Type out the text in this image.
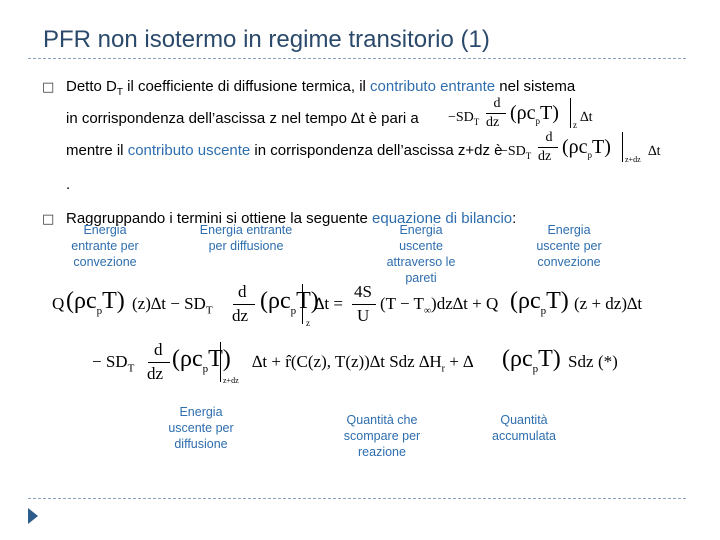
PFR non isotermo in regime transitorio (1)
□ Detto $D_T$ il coefficiente di diffusione termica, il contributo entrante nel sistema
in corrispondenza dell’ascissa z nel tempo ∆t è pari $a -SD_T$
d
dz $(\rho c_pT)$
z ∆t
mentre il contributo uscente in corrispondenza dell’ascissa z+dz è
$-SD_T$
d
dz $(\rho c_pT)$
z+dz
∆t
.
□ Raggruppando i termini si ottiene la seguente equazione di bilancio:
Energia entrante per convezione
Energia entrante per diffusione
Energia uscente attraverso le pareti
Energia uscente per convezione
Q $(\rho c_pT) (z)\Delta t - SD_T$
d
dz
$(\rho c_pT)$
z
∆t =
4S
U
$(T - T_\infty)dz\Delta t + Q$ $(\rho c_pT) (z + dz)\Delta t$
− $SD_T$
d
dz
$(\rho c_pT)$
z+dz
∆t + r̂(C(z), T(z))∆t Sdz $\Delta H_r$ + ∆ $(\rho c_pT)$ Sdz (*)
Energia uscente per diffusione
Quantità che scompare per reazione
Quantità accumulata
